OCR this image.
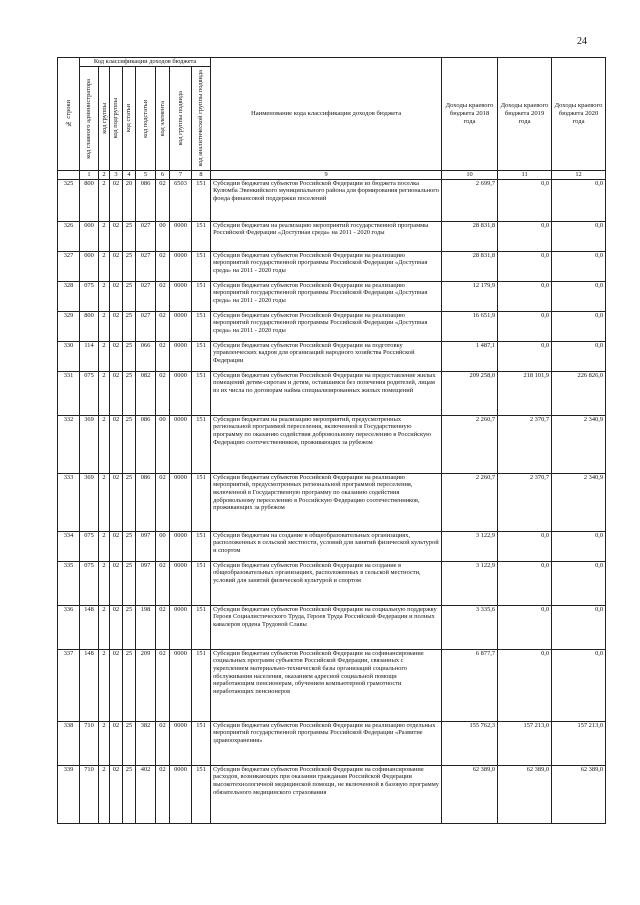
24
№ строки	Код классификации доходов бюджета								Наименование кода классификации доходов бюджета	Доходы краевого бюджета 2018 года	Доходы краевого бюджета 2019 года	Доходы краевого бюджета 2020 года

	код главного администратора	код группы	код подгруппы	код статьи	код подстатьи	код элемента	код группы подвида	код аналитической группы подвида				

	1	2	3	4	5	6	7	8	9	10	11	12
325	800	2	02	20	086	02	6503	151	Субсидии бюджетам субъектов Российской Федерации из бюджета поселка Кулюмба Эвенкийского муниципального района для формирования регионального фонда финансовой поддержки поселений	2 699,7	0,0	0,0
326	000	2	02	25	027	00	0000	151	Субсидии бюджетам на реализацию мероприятий государственной программы Российской Федерации «Доступная среда» на 2011 - 2020 годы	28 831,8	0,0	0,0
327	000	2	02	25	027	02	0000	151	Субсидии бюджетам субъектов Российской Федерации на реализацию мероприятий государственной программы Российской Федерации «Доступная среда» на 2011 - 2020 годы	28 831,8	0,0	0,0
328	075	2	02	25	027	02	0000	151	Субсидии бюджетам субъектов Российской Федерации на реализацию мероприятий государственной программы Российской Федерации «Доступная среда» на 2011 - 2020 годы	12 179,9	0,0	0,0
329	800	2	02	25	027	02	0000	151	Субсидии бюджетам субъектов Российской Федерации на реализацию мероприятий государственной программы Российской Федерации «Доступная среда» на 2011 - 2020 годы	16 651,9	0,0	0,0
330	114	2	02	25	066	02	0000	151	Субсидии бюджетам субъектов Российской Федерации на подготовку управленческих кадров для организаций народного хозяйства Российской Федерации	1 487,1	0,0	0,0
331	075	2	02	25	082	02	0000	151	Субсидии бюджетам субъектов Российской Федерации на предоставление жилых помещений детям-сиротам и детям, оставшимся без попечения родителей, лицам из их числа по договорам найма специализированных жилых помещений	209 258,0	218 101,9	226 826,0
332	369	2	02	25	086	00	0000	151	Субсидии бюджетам на реализацию мероприятий, предусмотренных региональной программой переселения, включенной в Государственную программу по оказанию содействия добровольному переселению в Российскую Федерацию соотечественников, проживающих за рубежом	2 260,7	2 370,7	2 340,9
333	369	2	02	25	086	02	0000	151	Субсидии бюджетам субъектов Российской Федерации на реализацию мероприятий, предусмотренных региональной программой переселения, включенной в Государственную программу по оказанию содействия добровольному переселению в Российскую Федерацию соотечественников, проживающих за рубежом	2 260,7	2 370,7	2 340,9
334	075	2	02	25	097	00	0000	151	Субсидии бюджетам на создание в общеобразовательных организациях, расположенных в сельской местности, условий для занятий физической культурой и спортом	3 122,9	0,0	0,0
335	075	2	02	25	097	02	0000	151	Субсидии бюджетам субъектов Российской Федерации на создание в общеобразовательных организациях, расположенных в сельской местности, условий для занятий физической культурой и спортом	3 122,9	0,0	0,0
336	148	2	02	25	198	02	0000	151	Субсидии бюджетам субъектов Российской Федерации на социальную поддержку Героев Социалистического Труда, Героев Труда Российской Федерации и полных кавалеров ордена Трудовой Славы	3 335,6	0,0	0,0
337	148	2	02	25	209	02	0000	151	Субсидии бюджетам субъектов Российской Федерации на софинансирование социальных программ субъектов Российской Федерации, связанных с укреплением материально-технической базы организаций социального обслуживания населения, оказанием адресной социальной помощи неработающим пенсионерам, обучением компьютерной грамотности неработающих пенсионеров	6 877,7	0,0	0,0
338	710	2	02	25	382	02	0000	151	Субсидии бюджетам субъектов Российской Федерации на реализацию отдельных мероприятий государственной программы Российской Федерации «Развитие здравоохранения»	155 762,3	157 213,0	157 213,0
339	710	2	02	25	402	02	0000	151	Субсидии бюджетам субъектов Российской Федерации на софинансирование расходов, возникающих при оказании гражданам Российской Федерации высокотехнологичной медицинской помощи, не включенной в базовую программу обязательного медицинского страхования	62 389,0	62 389,0	62 389,0
